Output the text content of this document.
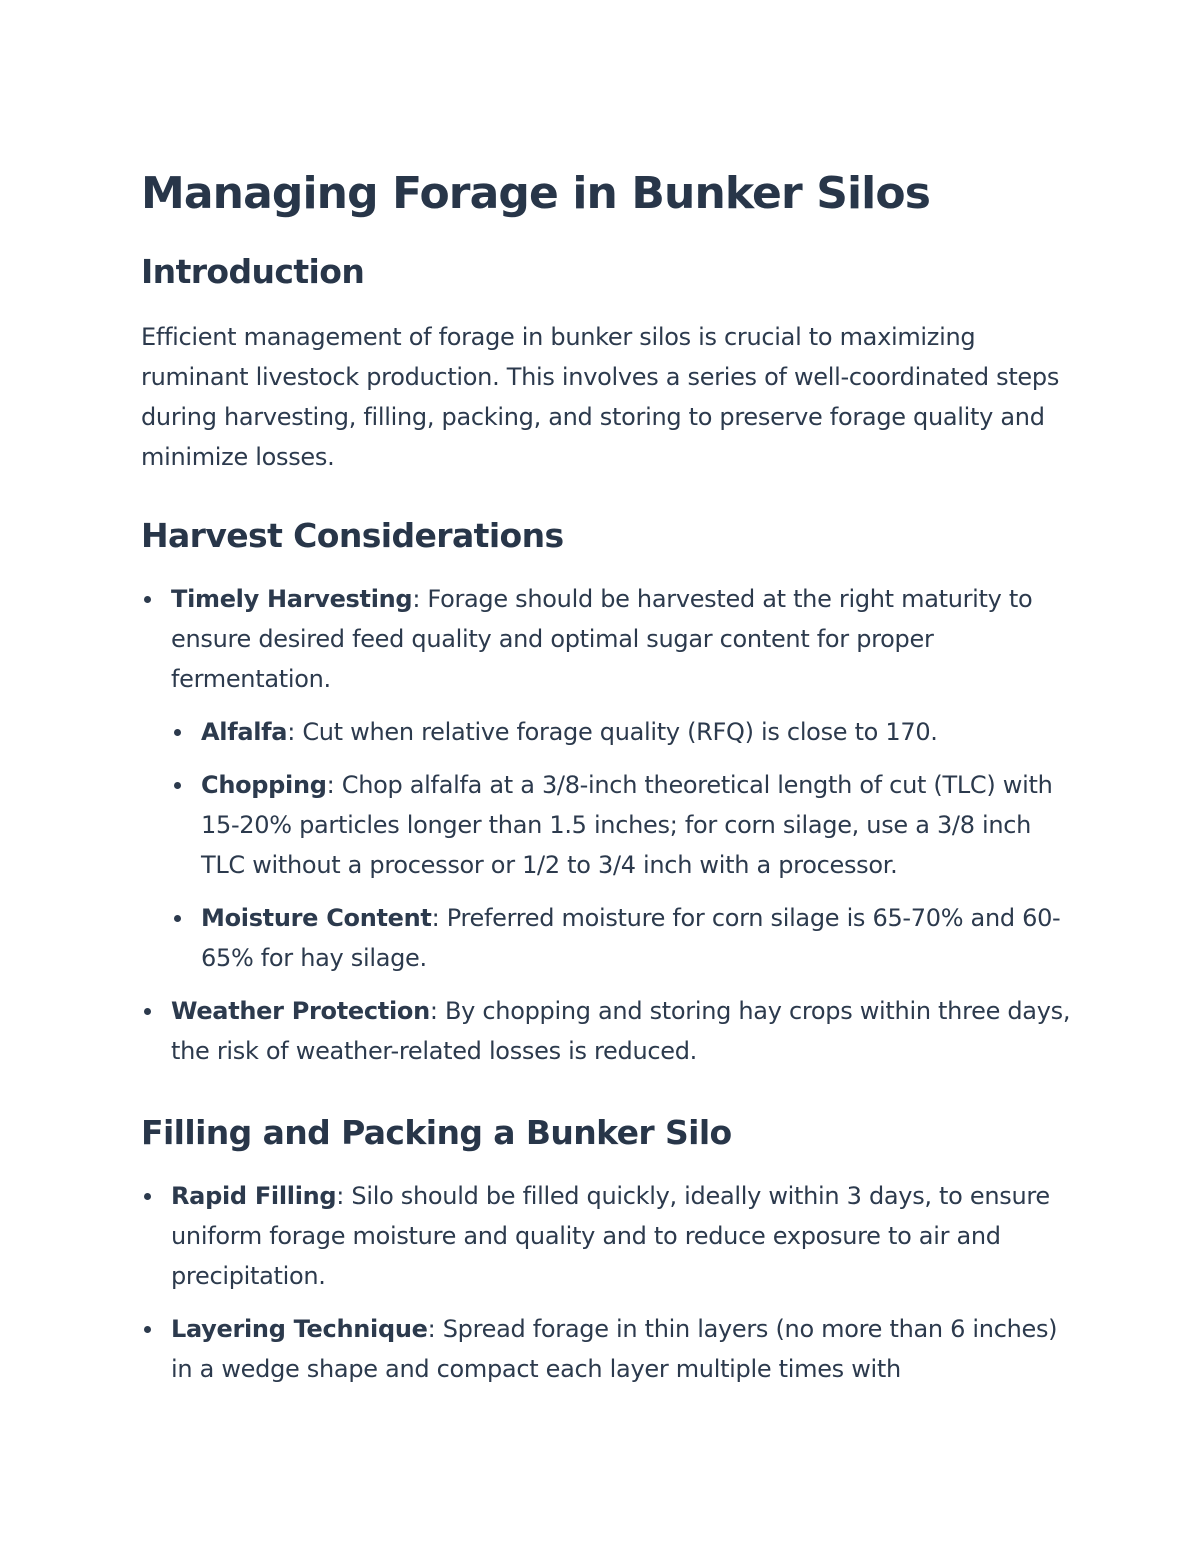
Managing Forage in Bunker Silos
Introduction

Efficient management of forage in bunker silos is crucial to maximizing ruminant livestock production. This involves a series of well-coordinated steps during harvesting, filling, packing, and storing to preserve forage quality and minimize losses.

Harvest Considerations
Timely Harvesting: Forage should be harvested at the right maturity to ensure desired feed quality and optimal sugar content for proper fermentation.
Alfalfa: Cut when relative forage quality (RFQ) is close to 170.
Chopping: Chop alfalfa at a 3/8-inch theoretical length of cut (TLC) with 15-20% particles longer than 1.5 inches; for corn silage, use a 3/8 inch TLC without a processor or 1/2 to 3/4 inch with a processor.
Moisture Content: Preferred moisture for corn silage is 65-70% and 60-65% for hay silage.
Weather Protection: By chopping and storing hay crops within three days, the risk of weather-related losses is reduced.
Filling and Packing a Bunker Silo
Rapid Filling: Silo should be filled quickly, ideally within 3 days, to ensure uniform forage moisture and quality and to reduce exposure to air and precipitation.
Layering Technique: Spread forage in thin layers (no more than 6 inches) in a wedge shape and compact each layer multiple times with
